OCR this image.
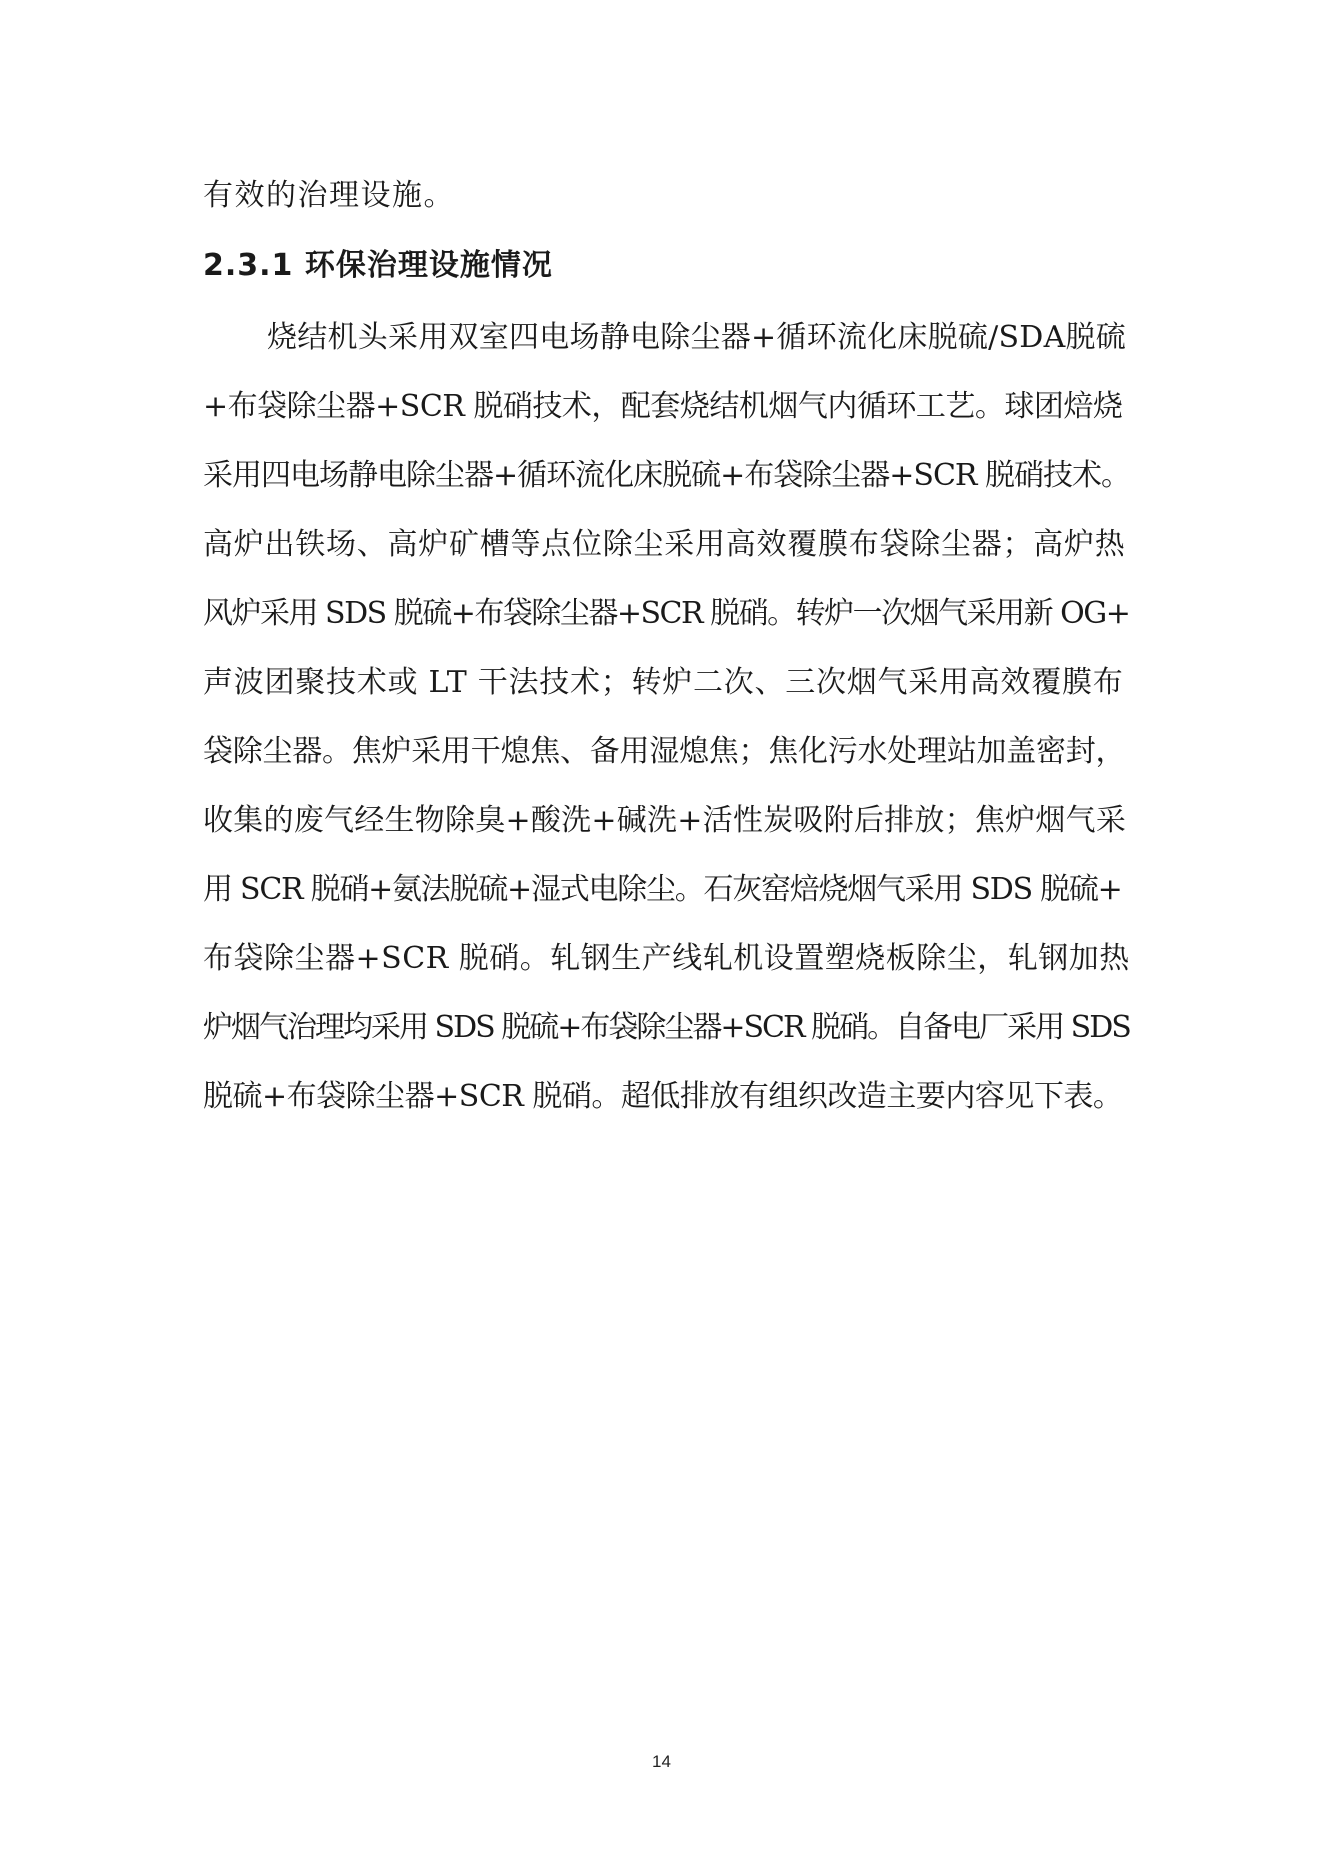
有效的治理设施。
2.3.1 环保治理设施情况
烧结机头采用双室四电场静电除尘器+循环流化床脱硫/SDA脱硫
+布袋除尘器+SCR 脱硝技术，配套烧结机烟气内循环工艺。球团焙烧
采用四电场静电除尘器+循环流化床脱硫+布袋除尘器+SCR 脱硝技术。
高炉出铁场、高炉矿槽等点位除尘采用高效覆膜布袋除尘器；高炉热
风炉采用 SDS 脱硫+布袋除尘器+SCR 脱硝。转炉一次烟气采用新 OG+
声波团聚技术或 LT 干法技术；转炉二次、三次烟气采用高效覆膜布
袋除尘器。焦炉采用干熄焦、备用湿熄焦；焦化污水处理站加盖密封，
收集的废气经生物除臭+酸洗+碱洗+活性炭吸附后排放；焦炉烟气采
用 SCR 脱硝+氨法脱硫+湿式电除尘。石灰窑焙烧烟气采用 SDS 脱硫+
布袋除尘器+SCR 脱硝。轧钢生产线轧机设置塑烧板除尘，轧钢加热
炉烟气治理均采用 SDS 脱硫+布袋除尘器+SCR 脱硝。自备电厂采用 SDS
脱硫+布袋除尘器+SCR 脱硝。超低排放有组织改造主要内容见下表。
14
